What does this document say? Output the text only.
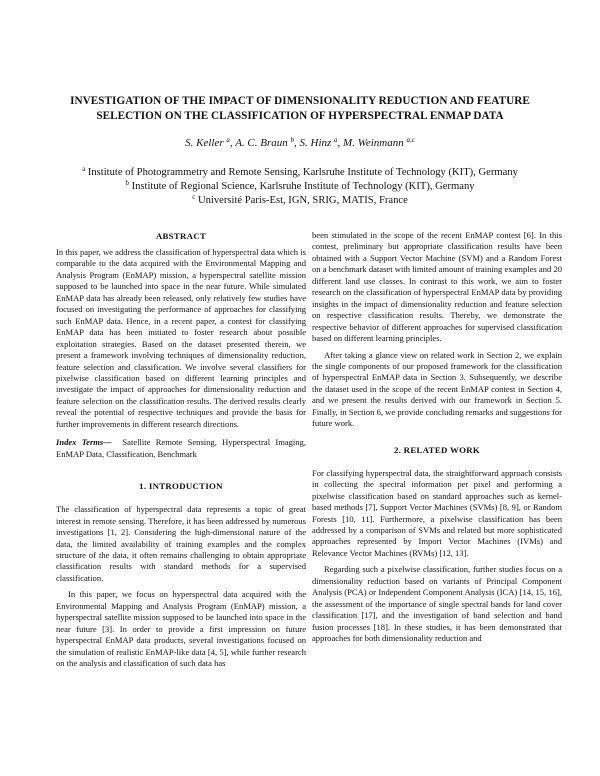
INVESTIGATION OF THE IMPACT OF DIMENSIONALITY REDUCTION AND FEATURE
SELECTION ON THE CLASSIFICATION OF HYPERSPECTRAL ENMAP DATA
S. Keller $^a$, A. C. Braun $^b$, S. Hinz $^a$, M. Weinmann $^{a,c}$
$^a$ Institute of Photogrammetry and Remote Sensing, Karlsruhe Institute of Technology (KIT), Germany
$^b$ Institute of Regional Science, Karlsruhe Institute of Technology (KIT), Germany
$^c$ Université Paris-Est, IGN, SRIG, MATIS, France
ABSTRACT

In this paper, we address the classification of hyperspectral data which is comparable to the data acquired with the Environmental Mapping and Analysis Program (EnMAP) mission, a hyperspectral satellite mission supposed to be launched into space in the near future. While simulated EnMAP data has already been released, only relatively few studies have focused on investigating the performance of approaches for classifying such EnMAP data. Hence, in a recent paper, a contest for classifying EnMAP data has been initiated to foster research about possible exploitation strategies. Based on the dataset presented therein, we present a framework involving techniques of dimensionality reduction, feature selection and classification. We involve several classifiers for pixelwise classification based on different learning principles and investigate the impact of approaches for dimensionality reduction and feature selection on the classification results. The derived results clearly reveal the potential of respective techniques and provide the basis for further improvements in different research directions.

Index Terms— Satellite Remote Sensing, Hyperspectral Imaging, EnMAP Data, Classification, Benchmark

1. INTRODUCTION

The classification of hyperspectral data represents a topic of great interest in remote sensing. Therefore, it has been addressed by numerous investigations [1, 2]. Considering the high-dimensional nature of the data, the limited availability of training examples and the complex structure of the data, it often remains challenging to obtain appropriate classification results with standard methods for a supervised classification.

In this paper, we focus on hyperspectral data acquired with the Environmental Mapping and Analysis Program (EnMAP) mission, a hyperspectral satellite mission supposed to be launched into space in the near future [3]. In order to provide a first impression on future hyperspectral EnMAP data products, several investigations focused on the simulation of realistic EnMAP-like data [4, 5], while further research on the analysis and classification of such data has

been stimulated in the scope of the recent EnMAP contest [6]. In this contest, preliminary but appropriate classification results have been obtained with a Support Vector Machine (SVM) and a Random Forest on a benchmark dataset with limited amount of training examples and 20 different land use classes. In contrast to this work, we aim to foster research on the classification of hyperspectral EnMAP data by providing insights in the impact of dimensionality reduction and feature selection on respective classification results. Thereby, we demonstrate the respective behavior of different approaches for supervised classification based on different learning principles.

After taking a glance view on related work in Section 2, we explain the single components of our proposed framework for the classification of hyperspectral EnMAP data in Section 3. Subsequently, we describe the dataset used in the scope of the recent EnMAP contest in Section 4, and we present the results derived with our framework in Section 5. Finally, in Section 6, we provide concluding remarks and suggestions for future work.

2. RELATED WORK

For classifying hyperspectral data, the straightforward approach consists in collecting the spectral information per pixel and performing a pixelwise classification based on standard approaches such as kernel-based methods [7], Support Vector Machines (SVMs) [8, 9], or Random Forests [10, 11]. Furthermore, a pixelwise classification has been addressed by a comparison of SVMs and related but more sophisticated approaches represented by Import Vector Machines (IVMs) and Relevance Vector Machines (RVMs) [12, 13].

Regarding such a pixelwise classification, further studies focus on a dimensionality reduction based on variants of Principal Component Analysis (PCA) or Independent Component Analysis (ICA) [14, 15, 16], the assessment of the importance of single spectral bands for land cover classification [17], and the investigation of band selection and band fusion processes [18]. In these studies, it has been demonstrated that approaches for both dimensionality reduction and
